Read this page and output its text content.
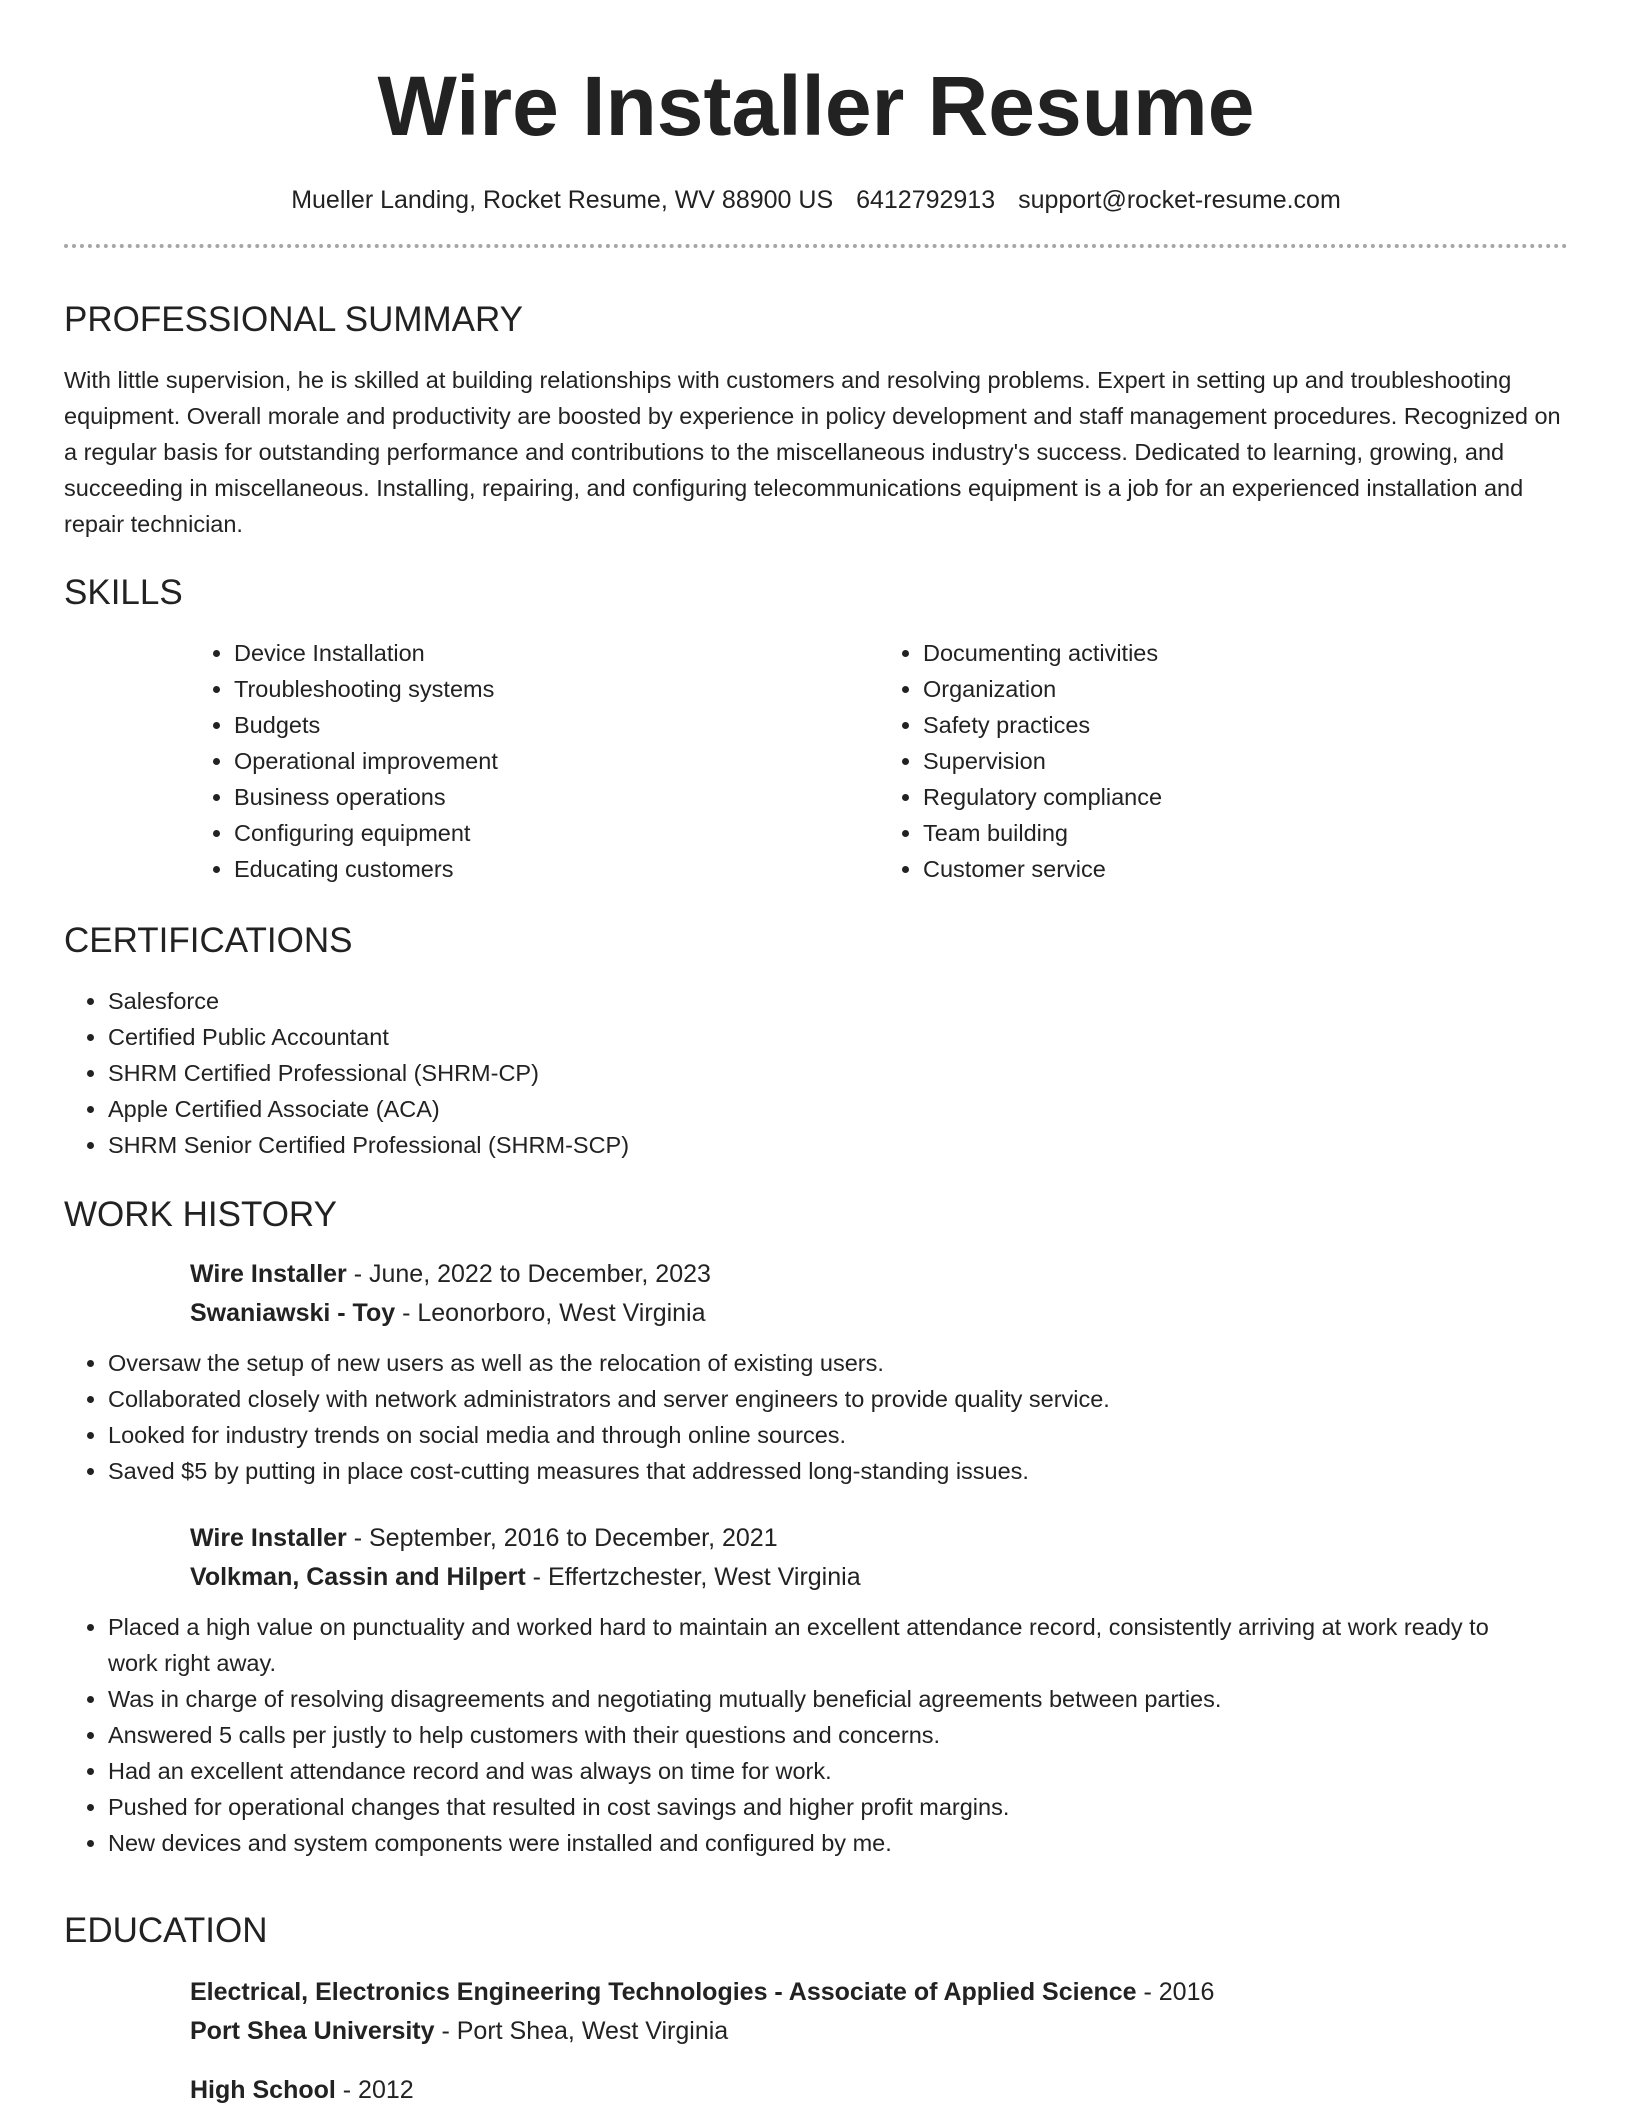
Wire Installer Resume
Mueller Landing, Rocket Resume, WV 88900 US 6412792913 support@rocket-resume.com
PROFESSIONAL SUMMARY

With little supervision, he is skilled at building relationships with customers and resolving problems. Expert in setting up and troubleshooting equipment. Overall morale and productivity are boosted by experience in policy development and staff management procedures. Recognized on a regular basis for outstanding performance and contributions to the miscellaneous industry's success. Dedicated to learning, growing, and succeeding in miscellaneous. Installing, repairing, and configuring telecommunications equipment is a job for an experienced installation and repair technician.

SKILLS
• Device Installation
• Troubleshooting systems
• Budgets
• Operational improvement
• Business operations
• Configuring equipment
• Educating customers
• Documenting activities
• Organization
• Safety practices
• Supervision
• Regulatory compliance
• Team building
• Customer service
CERTIFICATIONS
• Salesforce
• Certified Public Accountant
• SHRM Certified Professional (SHRM-CP)
• Apple Certified Associate (ACA)
• SHRM Senior Certified Professional (SHRM-SCP)
WORK HISTORY
Wire Installer - June, 2022 to December, 2023
Swaniawski - Toy - Leonorboro, West Virginia
• Oversaw the setup of new users as well as the relocation of existing users.
• Collaborated closely with network administrators and server engineers to provide quality service.
• Looked for industry trends on social media and through online sources.
• Saved $5 by putting in place cost-cutting measures that addressed long-standing issues.
Wire Installer - September, 2016 to December, 2021
Volkman, Cassin and Hilpert - Effertzchester, West Virginia
• Placed a high value on punctuality and worked hard to maintain an excellent attendance record, consistently arriving at work ready to work right away.
• Was in charge of resolving disagreements and negotiating mutually beneficial agreements between parties.
• Answered 5 calls per justly to help customers with their questions and concerns.
• Had an excellent attendance record and was always on time for work.
• Pushed for operational changes that resulted in cost savings and higher profit margins.
• New devices and system components were installed and configured by me.
EDUCATION
Electrical, Electronics Engineering Technologies - Associate of Applied Science - 2016
Port Shea University - Port Shea, West Virginia
High School - 2012
